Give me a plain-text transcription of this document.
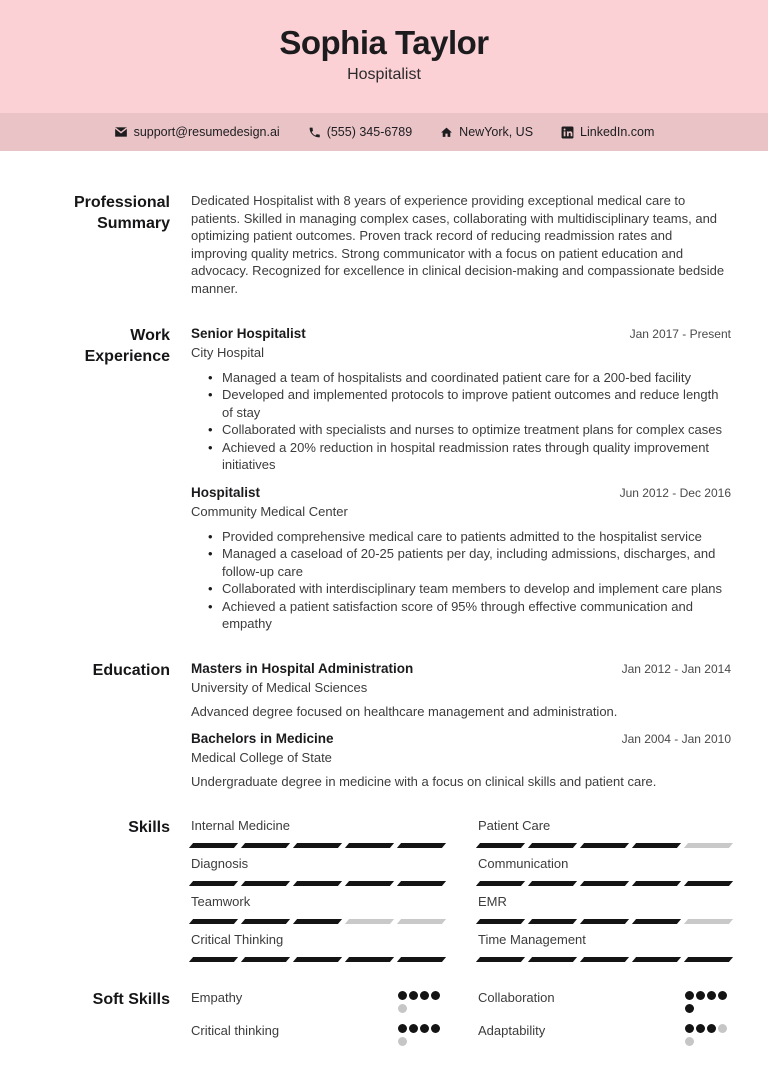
Sophia Taylor
Hospitalist
support@resumedesign.ai	(555) 345-6789	NewYork, US	LinkedIn.com
Professional
Summary

Dedicated Hospitalist with 8 years of experience providing exceptional medical care to patients. Skilled in managing complex cases, collaborating with multidisciplinary teams, and optimizing patient outcomes. Proven track record of reducing readmission rates and improving quality metrics. Strong communicator with a focus on patient education and advocacy. Recognized for excellence in clinical decision-making and compassionate bedside manner.

Work
Experience
Senior Hospitalist	Jan 2017 - Present
City Hospital
• Managed a team of hospitalists and coordinated patient care for a 200-bed facility
• Developed and implemented protocols to improve patient outcomes and reduce length of stay
• Collaborated with specialists and nurses to optimize treatment plans for complex cases
• Achieved a 20% reduction in hospital readmission rates through quality improvement initiatives
Hospitalist	Jun 2012 - Dec 2016
Community Medical Center
• Provided comprehensive medical care to patients admitted to the hospitalist service
• Managed a caseload of 20-25 patients per day, including admissions, discharges, and follow-up care
• Collaborated with interdisciplinary team members to develop and implement care plans
• Achieved a patient satisfaction score of 95% through effective communication and empathy
Education Masters in Hospital Administration	Jan 2012 - Jan 2014
University of Medical Sciences
Advanced degree focused on healthcare management and administration.
Bachelors in Medicine	Jan 2004 - Jan 2010
Medical College of State
Undergraduate degree in medicine with a focus on clinical skills and patient care.
Skills Internal Medicine	Patient Care
Diagnosis	Communication
Teamwork	EMR
Critical Thinking	Time Management
Soft Skills Empathy	Collaboration
Critical thinking	Adaptability
